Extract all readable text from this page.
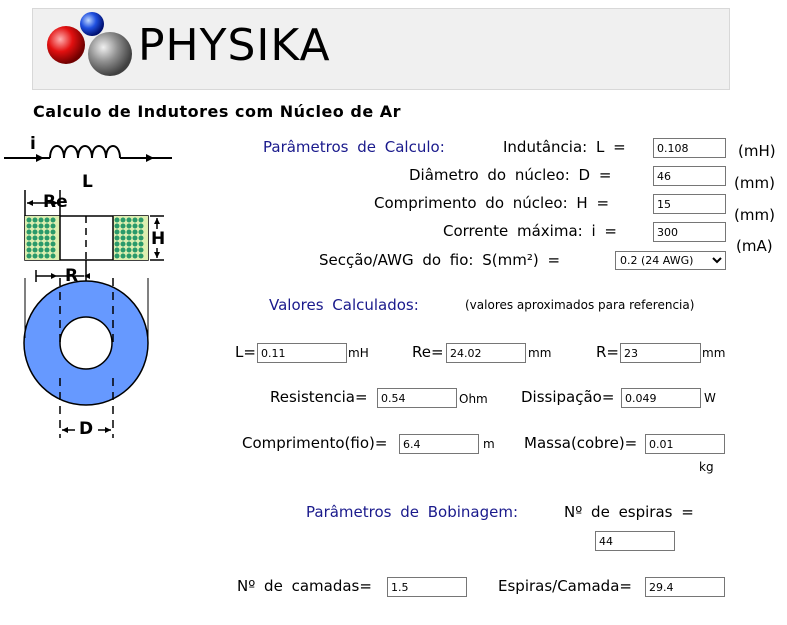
PHYSIKA
Calculo de Indutores com Núcleo de Ar
i
L
Re
H
R
D
Parâmetros de Calculo:	Indutância: L =
0.108	(mH)
Diâmetro do núcleo: D =
46	(mm)
Comprimento do núcleo: H =
15
(mm)
Corrente máxima: i =
300
(mA)
Secção/AWG do fio: S(mm²) =
0.2 (24 AWG)
Valores Calculados:	(valores aproximados para referencia)
L=
0.11	mH	Re=
24.02	mm	R=
23	mm
Resistencia=
0.54	Ohm Dissipação=
0.049	W
Comprimento(fio)=
6.4	m Massa(cobre)=
0.01
kg
Parâmetros de Bobinagem:	Nº de espiras =
44
Nº de camadas=
1.5	Espiras/Camada=
29.4
